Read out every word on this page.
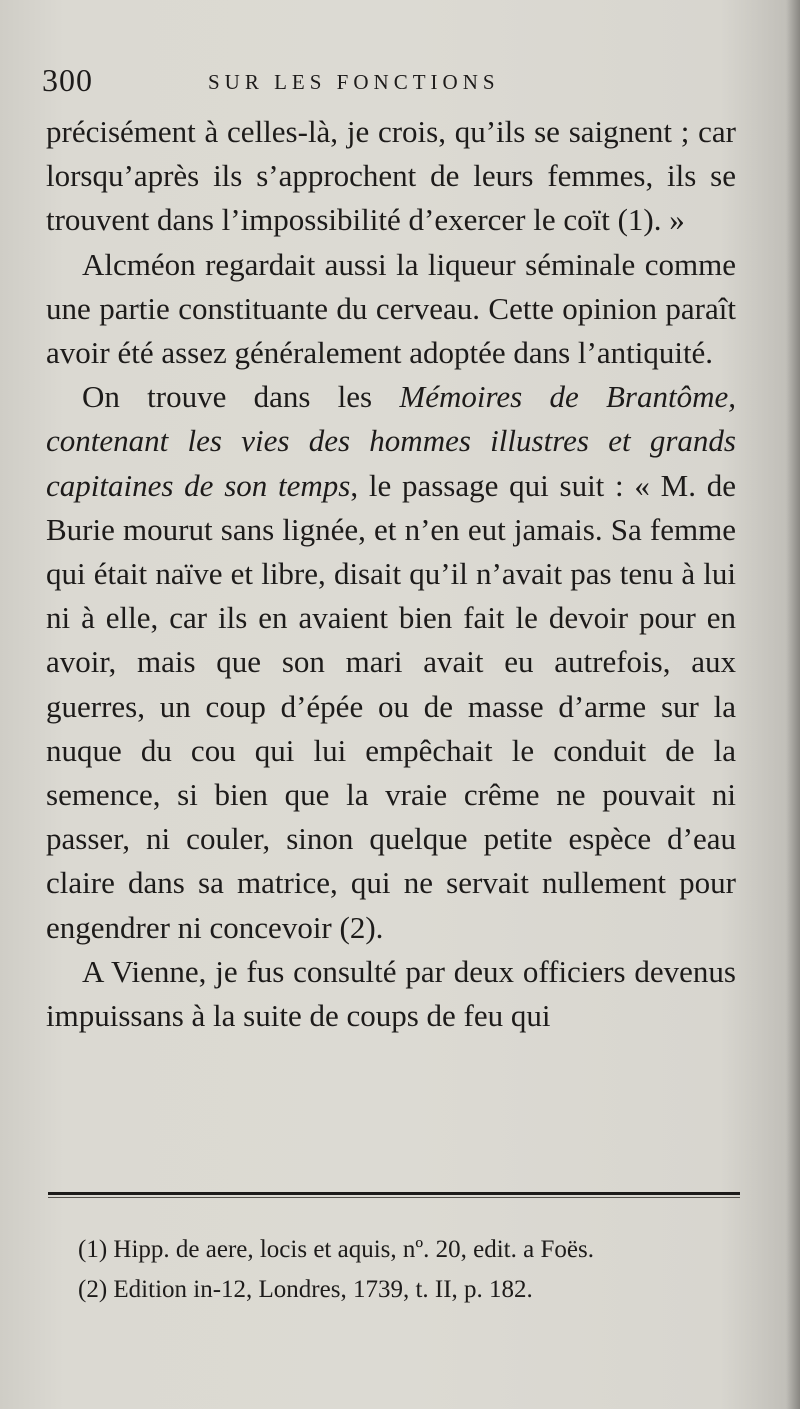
300	SUR LES FONCTIONS

précisément à celles-là, je crois, qu’ils se saignent ; car lorsqu’après ils s’approchent de leurs femmes, ils se trouvent dans l’impossibilité d’exercer le coït (1). »

Alcméon regardait aussi la liqueur séminale comme une partie constituante du cerveau. Cette opinion paraît avoir été assez généralement adoptée dans l’antiquité.

On trouve dans les Mémoires de Brantôme, contenant les vies des hommes illustres et grands capitaines de son temps, le passage qui suit : « M. de Burie mourut sans lignée, et n’en eut jamais. Sa femme qui était naïve et libre, disait qu’il n’avait pas tenu à lui ni à elle, car ils en avaient bien fait le devoir pour en avoir, mais que son mari avait eu autrefois, aux guerres, un coup d’épée ou de masse d’arme sur la nuque du cou qui lui empêchait le conduit de la semence, si bien que la vraie crême ne pouvait ni passer, ni couler, sinon quelque petite espèce d’eau claire dans sa matrice, qui ne servait nullement pour engendrer ni concevoir (2).

A Vienne, je fus consulté par deux officiers devenus impuissans à la suite de coups de feu qui

(1) Hipp. de aere, locis et aquis, nº. 20, edit. a Foës.

(2) Edition in-12, Londres, 1739, t. II, p. 182.
